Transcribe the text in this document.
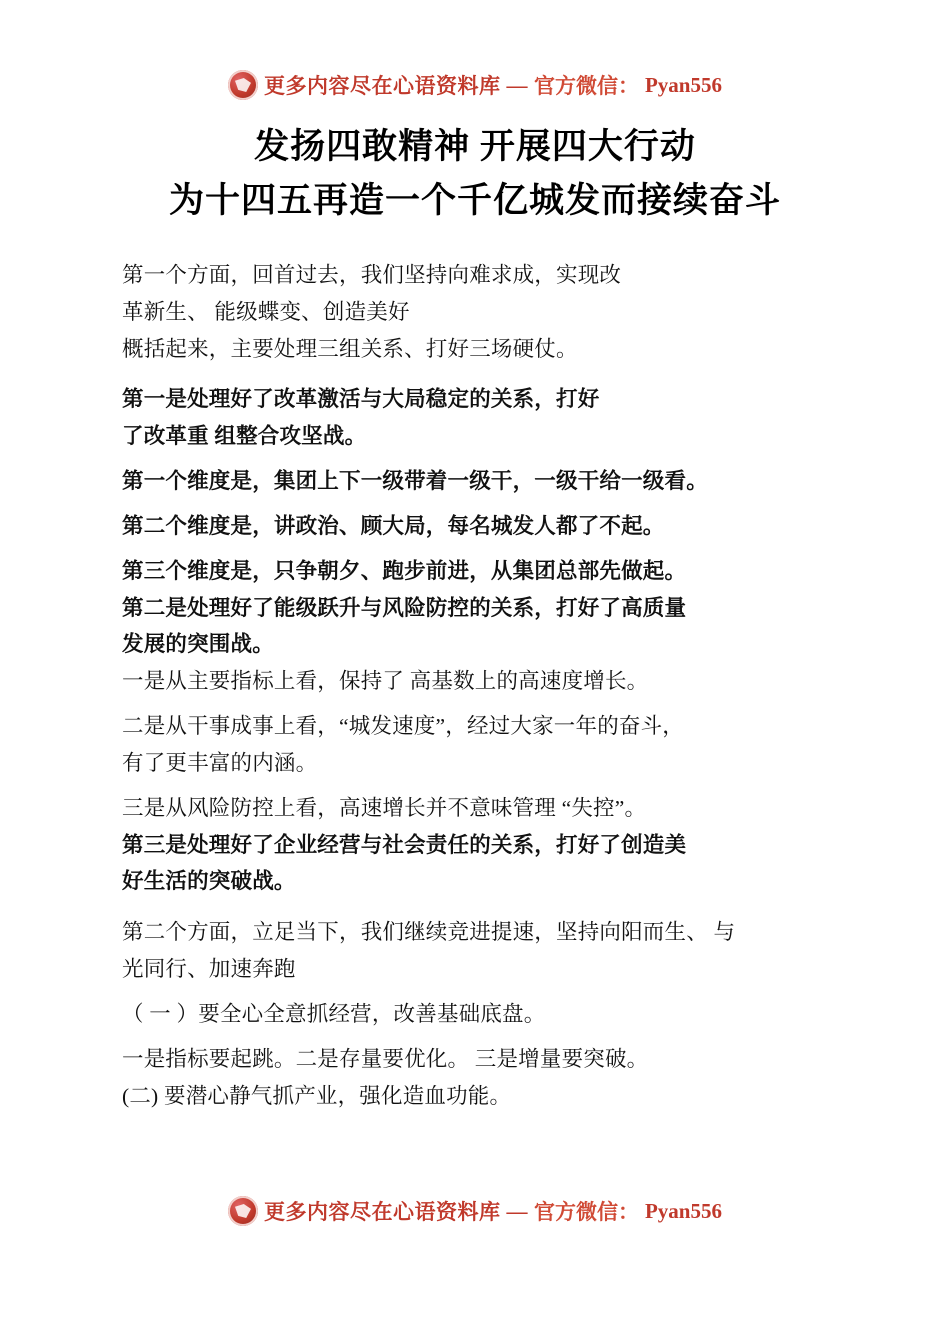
更多内容尽在心语资料库 — 官方微信： Pyan556
发扬四敢精神 开展四大行动
为十四五再造一个千亿城发而接续奋斗

第一个方面，回首过去，我们坚持向难求成，实现改

革新生、 能级蝶变、创造美好

概括起来，主要处理三组关系、打好三场硬仗。

第一是处理好了改革激活与大局稳定的关系，打好

了改革重 组整合攻坚战。

第一个维度是，集团上下一级带着一级干，一级干给一级看。

第二个维度是，讲政治、顾大局，每名城发人都了不起。

第三个维度是，只争朝夕、跑步前进，从集团总部先做起。

第二是处理好了能级跃升与风险防控的关系，打好了高质量

发展的突围战。

一是从主要指标上看，保持了 高基数上的高速度增长。

二是从干事成事上看，“城发速度”，经过大家一年的奋斗，

有了更丰富的内涵。

三是从风险防控上看，高速增长并不意味管理 “失控”。

第三是处理好了企业经营与社会责任的关系，打好了创造美

好生活的突破战。

第二个方面，立足当下，我们继续竞进提速，坚持向阳而生、 与

光同行、加速奔跑

（ 一 ）要全心全意抓经营，改善基础底盘。

一是指标要起跳。二是存量要优化。 三是增量要突破。

(二) 要潜心静气抓产业，强化造血功能。

更多内容尽在心语资料库 — 官方微信： Pyan556
